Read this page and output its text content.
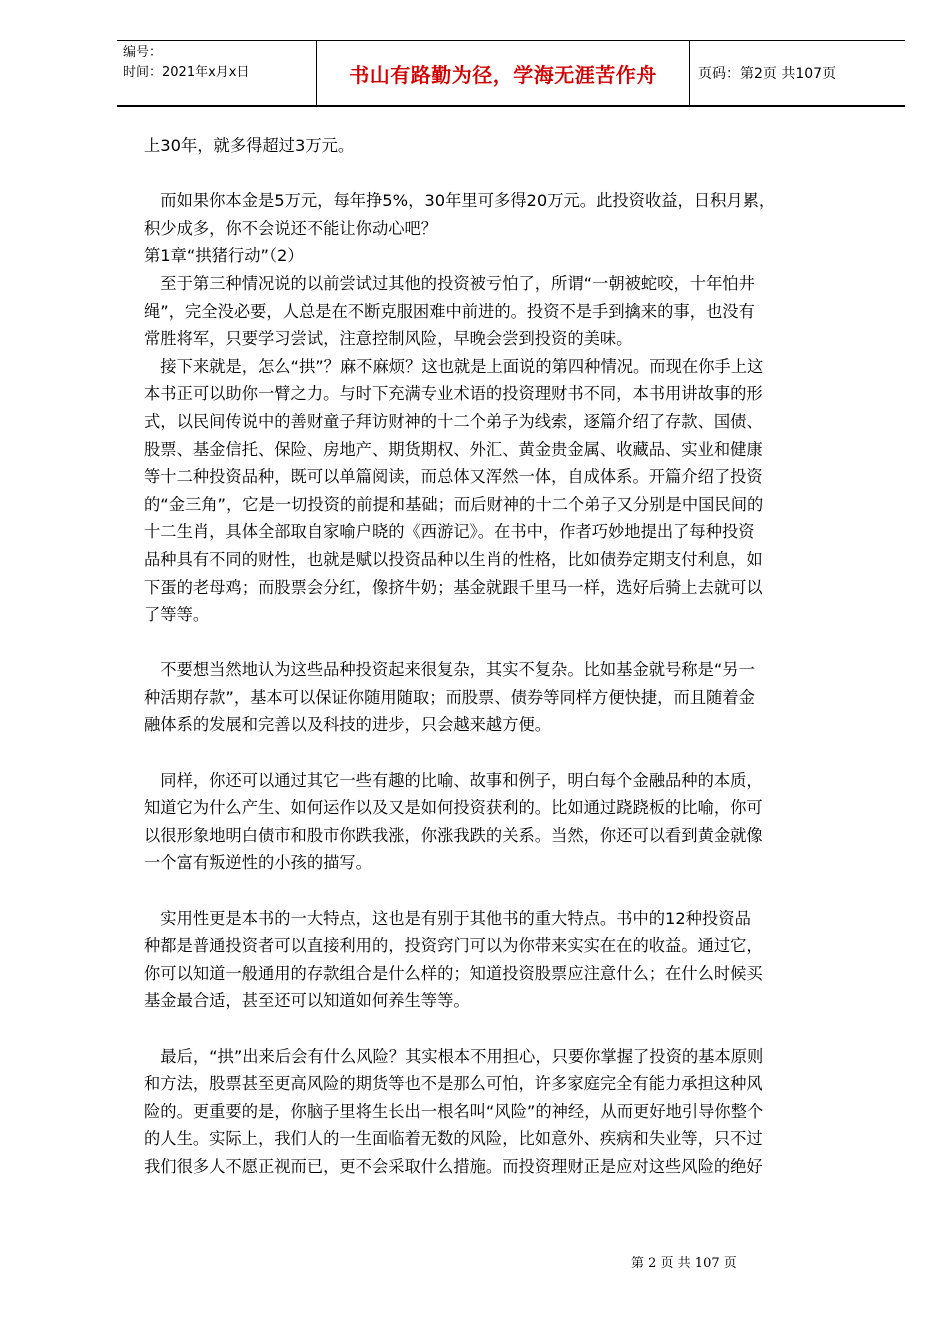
编号：
时间：2021年x月x日	书山有路勤为径，学海无涯苦作舟	页码：第2页 共107页

上30年，就多得超过3万元。

　而如果你本金是5万元，每年挣5%，30年里可多得20万元。此投资收益，日积月累，
积少成多，你不会说还不能让你动心吧？

第1章“拱猪行动”（2）

　至于第三种情况说的以前尝试过其他的投资被亏怕了，所谓“一朝被蛇咬，十年怕井
绳”，完全没必要，人总是在不断克服困难中前进的。投资不是手到擒来的事，也没有
常胜将军，只要学习尝试，注意控制风险，早晚会尝到投资的美味。

　接下来就是，怎么“拱”？麻不麻烦？这也就是上面说的第四种情况。而现在你手上这
本书正可以助你一臂之力。与时下充满专业术语的投资理财书不同，本书用讲故事的形
式，以民间传说中的善财童子拜访财神的十二个弟子为线索，逐篇介绍了存款、国债、
股票、基金信托、保险、房地产、期货期权、外汇、黄金贵金属、收藏品、实业和健康
等十二种投资品种，既可以单篇阅读，而总体又浑然一体，自成体系。开篇介绍了投资
的“金三角”，它是一切投资的前提和基础；而后财神的十二个弟子又分别是中国民间的
十二生肖，具体全部取自家喻户晓的《西游记》。在书中，作者巧妙地提出了每种投资
品种具有不同的财性，也就是赋以投资品种以生肖的性格，比如债券定期支付利息，如
下蛋的老母鸡；而股票会分红，像挤牛奶；基金就跟千里马一样，选好后骑上去就可以
了等等。

　不要想当然地认为这些品种投资起来很复杂，其实不复杂。比如基金就号称是“另一
种活期存款”，基本可以保证你随用随取；而股票、债券等同样方便快捷，而且随着金
融体系的发展和完善以及科技的进步，只会越来越方便。

　同样，你还可以通过其它一些有趣的比喻、故事和例子，明白每个金融品种的本质，
知道它为什么产生、如何运作以及又是如何投资获利的。比如通过跷跷板的比喻，你可
以很形象地明白债市和股市你跌我涨，你涨我跌的关系。当然，你还可以看到黄金就像
一个富有叛逆性的小孩的描写。

　实用性更是本书的一大特点，这也是有别于其他书的重大特点。书中的12种投资品
种都是普通投资者可以直接利用的，投资窍门可以为你带来实实在在的收益。通过它，
你可以知道一般通用的存款组合是什么样的；知道投资股票应注意什么；在什么时候买
基金最合适，甚至还可以知道如何养生等等。

　最后，“拱”出来后会有什么风险？其实根本不用担心，只要你掌握了投资的基本原则
和方法，股票甚至更高风险的期货等也不是那么可怕，许多家庭完全有能力承担这种风
险的。更重要的是，你脑子里将生长出一根名叫“风险”的神经，从而更好地引导你整个
的人生。实际上，我们人的一生面临着无数的风险，比如意外、疾病和失业等，只不过
我们很多人不愿正视而已，更不会采取什么措施。而投资理财正是应对这些风险的绝好

第 2 页 共 107 页
